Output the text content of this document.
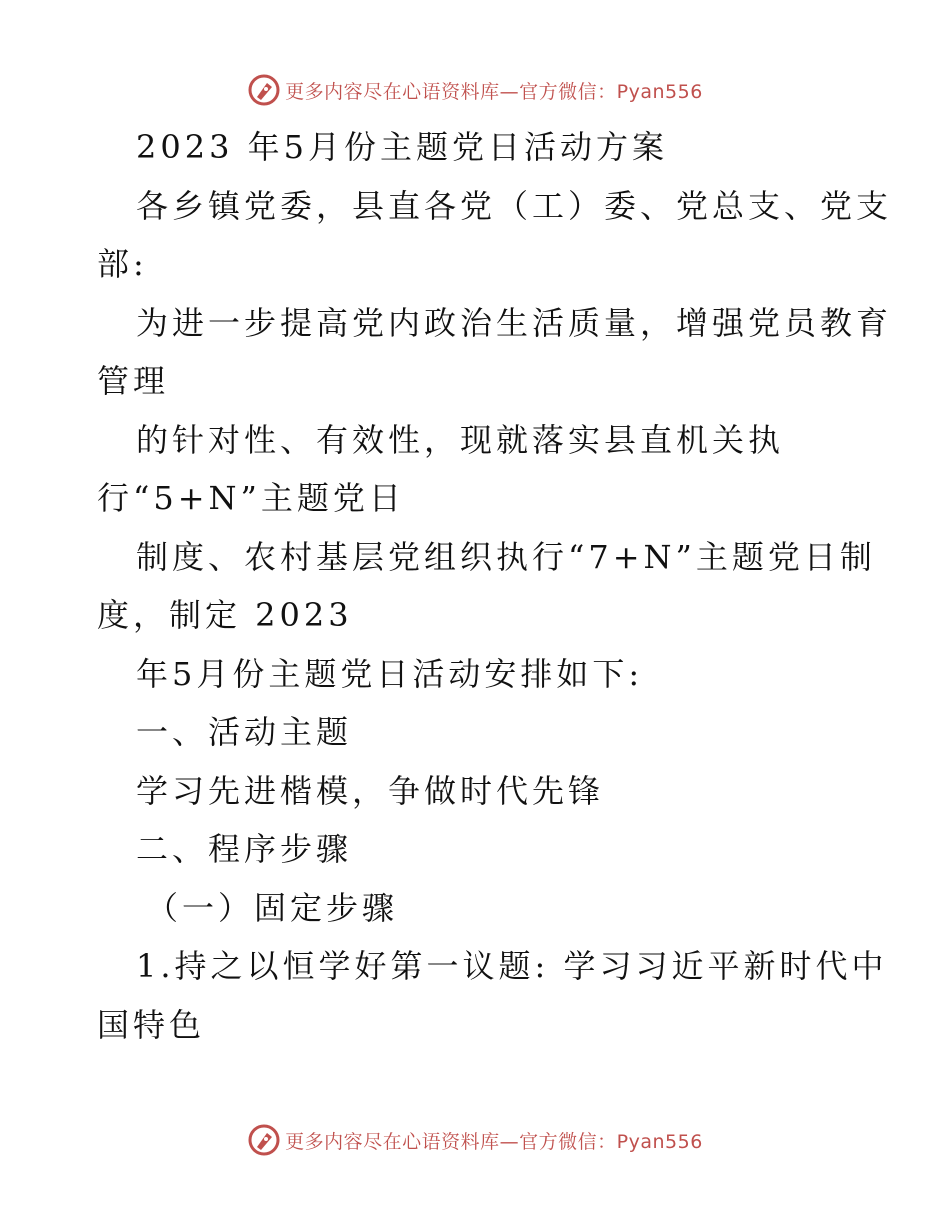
更多内容尽在心语资料库—官方微信：Pyan556
2023 年5月份主题党日活动方案
各乡镇党委，县直各党（工）委、党总支、党支
部:
为进一步提高党内政治生活质量，增强党员教育
管理
的针对性、有效性，现就落实县直机关执
行“5+N”主题党日
制度、农村基层党组织执行“7+N”主题党日制
度，制定 2023
年5月份主题党日活动安排如下:
一、活动主题
学习先进楷模，争做时代先锋
二、程序步骤
（一）固定步骤
1.持之以恒学好第一议题: 学习习近平新时代中
国特色
更多内容尽在心语资料库—官方微信：Pyan556
